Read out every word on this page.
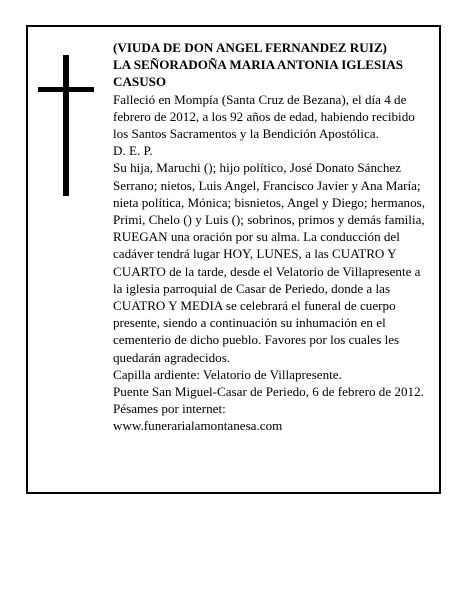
(VIUDA DE DON ANGEL FERNANDEZ RUIZ)

LA SEÑORADOÑA MARIA ANTONIA IGLESIAS CASUSO

Falleció en Mompía (Santa Cruz de Bezana), el día 4 de febrero de 2012, a los 92 años de edad, habiendo recibido los Santos Sacramentos y la Bendición Apostólica.

D. E. P.

Su hija, Maruchi (); hijo político, José Donato Sánchez Serrano; nietos, Luis Angel, Francisco Javier y Ana María; nieta política, Mónica; bisnietos, Angel y Diego; hermanos, Primi, Chelo () y Luis (); sobrinos, primos y demás familia,

RUEGAN una oración por su alma. La conducción del cadáver tendrá lugar HOY, LUNES, a las CUATRO Y CUARTO de la tarde, desde el Velatorio de Villapresente a la iglesia parroquial de Casar de Periedo, donde a las CUATRO Y MEDIA se celebrará el funeral de cuerpo presente, siendo a continuación su inhumación en el cementerio de dicho pueblo. Favores por los cuales les quedarán agradecidos.

Capilla ardiente: Velatorio de Villapresente.

Puente San Miguel-Casar de Periedo, 6 de febrero de 2012.

Pésames por internet:

www.funerarialamontanesa.com
